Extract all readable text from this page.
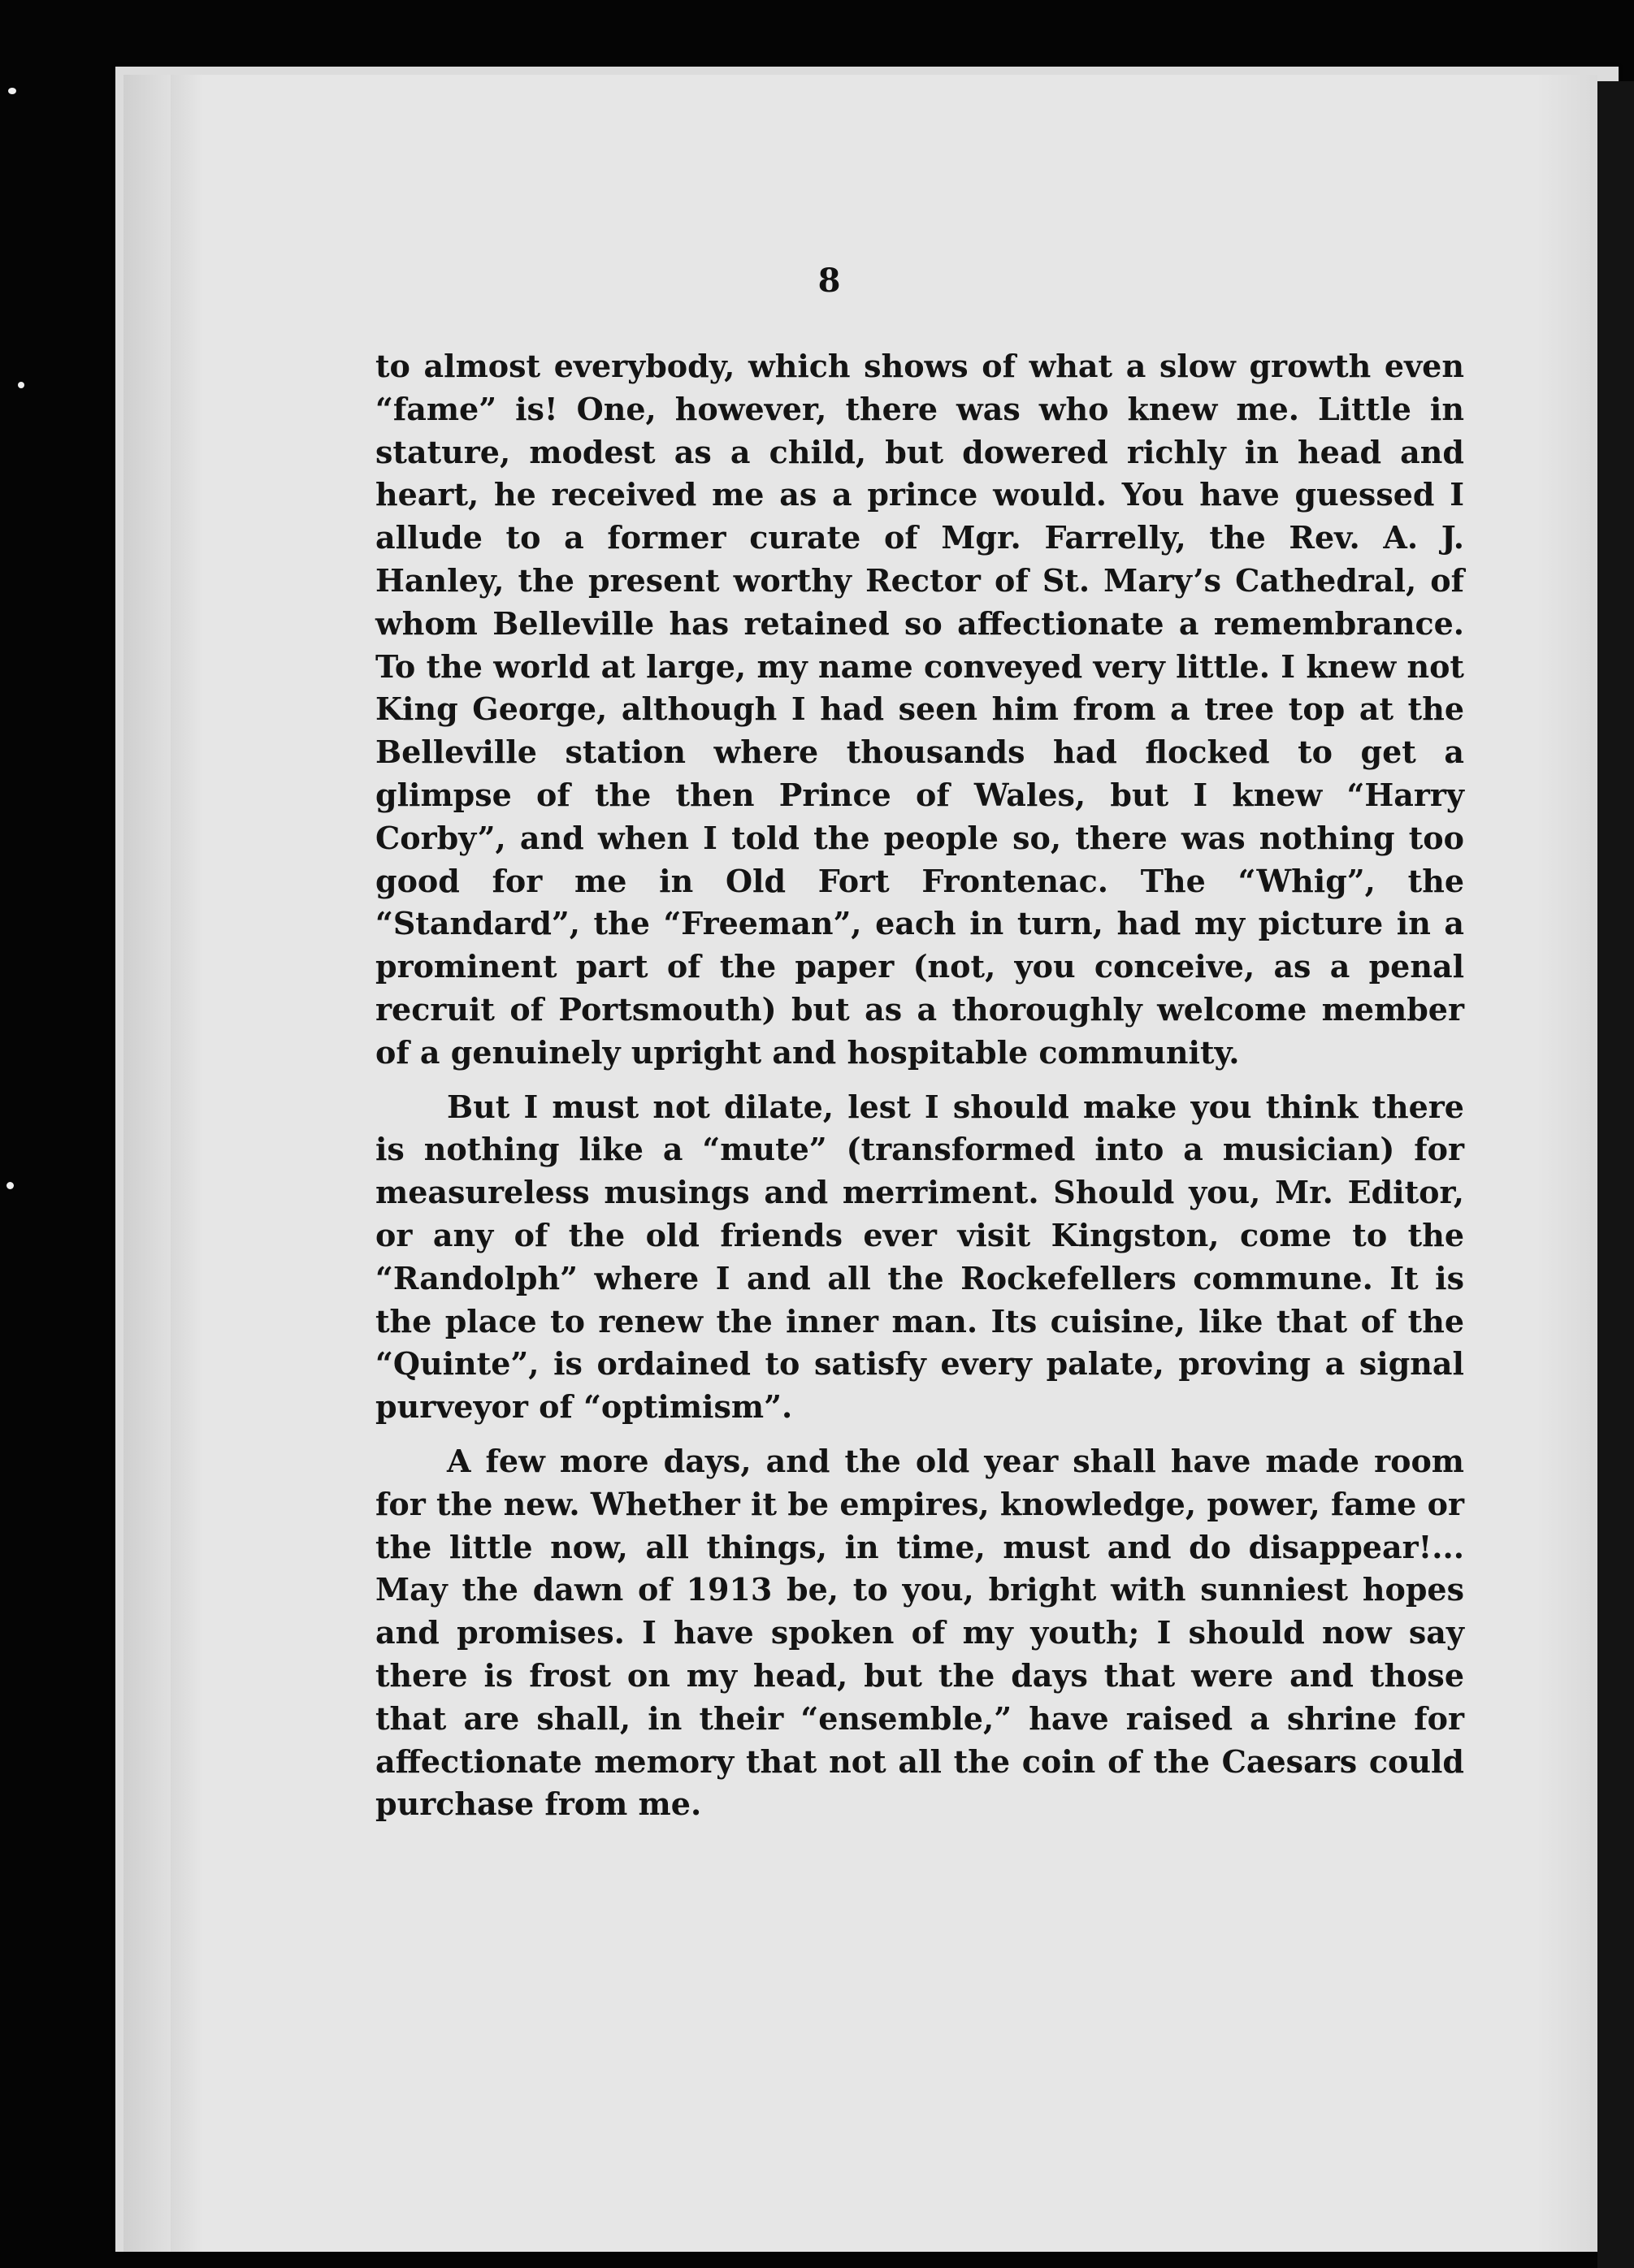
8

to almost everybody, which shows of what a slow growth even “fame” is! One, however, there was who knew me. Little in stature, modest as a child, but dowered richly in head and heart, he received me as a prince would. You have guessed I allude to a former curate of Mgr. Farrelly, the Rev. A. J. Hanley, the present worthy Rector of St. Mary’s Cathedral, of whom Belleville has retained so affectionate a remembrance. To the world at large, my name conveyed very little. I knew not King George, although I had seen him from a tree top at the Belleville station where thousands had flocked to get a glimpse of the then Prince of Wales, but I knew “Harry Corby”, and when I told the people so, there was nothing too good for me in Old Fort Frontenac. The “Whig”, the “Standard”, the “Freeman”, each in turn, had my picture in a prominent part of the paper (not, you conceive, as a penal recruit of Portsmouth) but as a thoroughly welcome member of a genuinely upright and hospitable community.

But I must not dilate, lest I should make you think there is nothing like a “mute” (transformed into a musician) for measureless musings and merriment. Should you, Mr. Editor, or any of the old friends ever visit Kingston, come to the “Randolph” where I and all the Rockefellers commune. It is the place to renew the inner man. Its cuisine, like that of the “Quinte”, is ordained to satisfy every palate, proving a signal purveyor of “optimism”.

A few more days, and the old year shall have made room for the new. Whether it be empires, knowledge, power, fame or the little now, all things, in time, must and do disappear!... May the dawn of 1913 be, to you, bright with sunniest hopes and promises. I have spoken of my youth; I should now say there is frost on my head, but the days that were and those that are shall, in their “ensemble,” have raised a shrine for affectionate memory that not all the coin of the Caesars could purchase from me.
